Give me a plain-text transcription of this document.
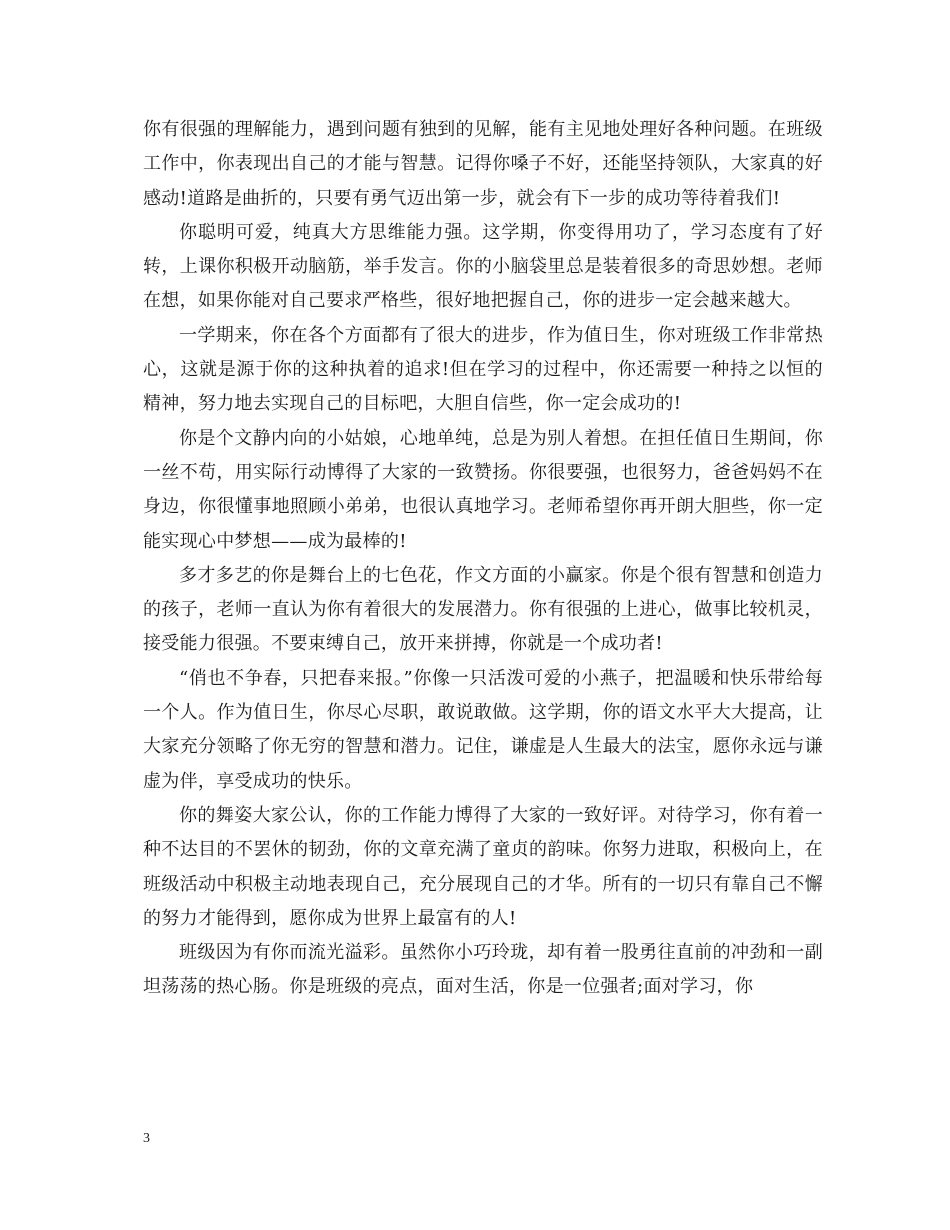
你有很强的理解能力，遇到问题有独到的见解，能有主见地处理好各种问题。在班级工作中，你表现出自己的才能与智慧。记得你嗓子不好，还能坚持领队，大家真的好感动!道路是曲折的，只要有勇气迈出第一步，就会有下一步的成功等待着我们!

你聪明可爱，纯真大方思维能力强。这学期，你变得用功了，学习态度有了好转，上课你积极开动脑筋，举手发言。你的小脑袋里总是装着很多的奇思妙想。老师在想，如果你能对自己要求严格些，很好地把握自己，你的进步一定会越来越大。

一学期来，你在各个方面都有了很大的进步，作为值日生，你对班级工作非常热心，这就是源于你的这种执着的追求!但在学习的过程中，你还需要一种持之以恒的精神，努力地去实现自己的目标吧，大胆自信些，你一定会成功的!

你是个文静内向的小姑娘，心地单纯，总是为别人着想。在担任值日生期间，你一丝不苟，用实际行动博得了大家的一致赞扬。你很要强，也很努力，爸爸妈妈不在身边，你很懂事地照顾小弟弟，也很认真地学习。老师希望你再开朗大胆些，你一定能实现心中梦想——成为最棒的!

多才多艺的你是舞台上的七色花，作文方面的小赢家。你是个很有智慧和创造力的孩子，老师一直认为你有着很大的发展潜力。你有很强的上进心，做事比较机灵，接受能力很强。不要束缚自己，放开来拼搏，你就是一个成功者!

“俏也不争春，只把春来报。”你像一只活泼可爱的小燕子，把温暖和快乐带给每一个人。作为值日生，你尽心尽职，敢说敢做。这学期，你的语文水平大大提高，让大家充分领略了你无穷的智慧和潜力。记住，谦虚是人生最大的法宝，愿你永远与谦虚为伴，享受成功的快乐。

你的舞姿大家公认，你的工作能力博得了大家的一致好评。对待学习，你有着一种不达目的不罢休的韧劲，你的文章充满了童贞的韵味。你努力进取，积极向上，在班级活动中积极主动地表现自己，充分展现自己的才华。所有的一切只有靠自己不懈的努力才能得到，愿你成为世界上最富有的人!

班级因为有你而流光溢彩。虽然你小巧玲珑，却有着一股勇往直前的冲劲和一副坦荡荡的热心肠。你是班级的亮点，面对生活，你是一位强者;面对学习，你

3
